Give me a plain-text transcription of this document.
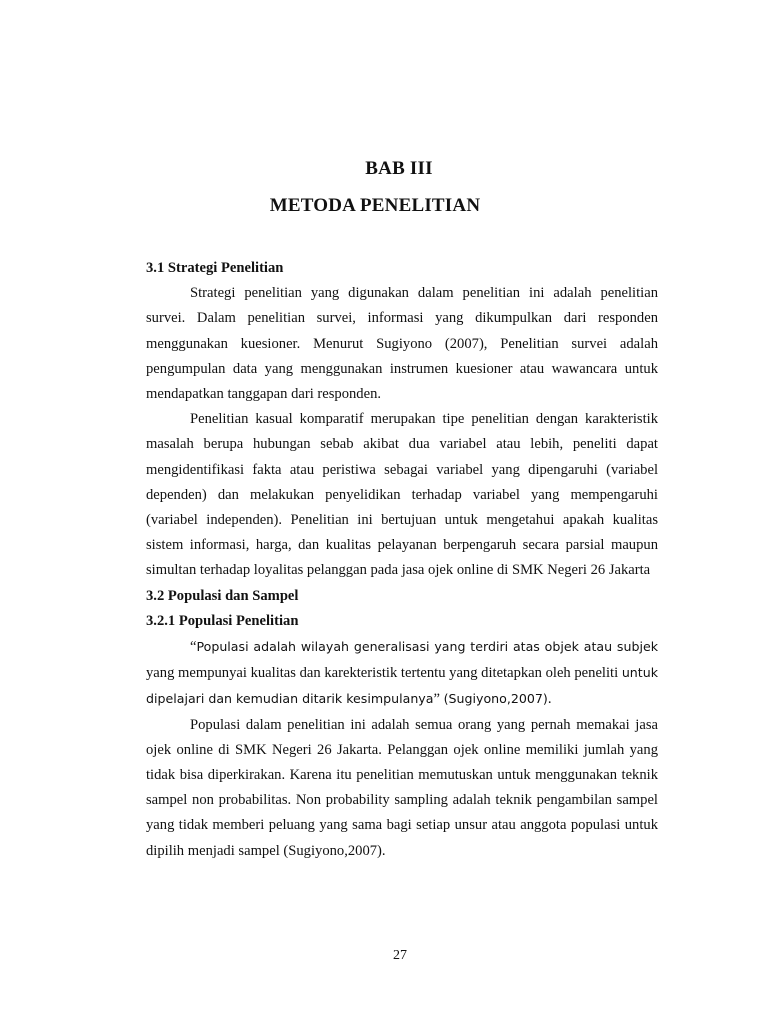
BAB III
METODA PENELITIAN

3.1 Strategi Penelitian

Strategi penelitian yang digunakan dalam penelitian ini adalah penelitian survei. Dalam penelitian survei, informasi yang dikumpulkan dari responden menggunakan kuesioner. Menurut Sugiyono (2007), Penelitian survei adalah pengumpulan data yang menggunakan instrumen kuesioner atau wawancara untuk mendapatkan tanggapan dari responden.

Penelitian kasual komparatif merupakan tipe penelitian dengan karakteristik masalah berupa hubungan sebab akibat dua variabel atau lebih, peneliti dapat mengidentifikasi fakta atau peristiwa sebagai variabel yang dipengaruhi (variabel dependen) dan melakukan penyelidikan terhadap variabel yang mempengaruhi (variabel independen). Penelitian ini bertujuan untuk mengetahui apakah kualitas sistem informasi, harga, dan kualitas pelayanan berpengaruh secara parsial maupun simultan terhadap loyalitas pelanggan pada jasa ojek online di SMK Negeri 26 Jakarta

3.2 Populasi dan Sampel

3.2.1 Populasi Penelitian

“Populasi adalah wilayah generalisasi yang terdiri atas objek atau subjek yang mempunyai kualitas dan karekteristik tertentu yang ditetapkan oleh peneliti untuk dipelajari dan kemudian ditarik kesimpulanya” (Sugiyono,2007).

Populasi dalam penelitian ini adalah semua orang yang pernah memakai jasa ojek online di SMK Negeri 26 Jakarta. Pelanggan ojek online memiliki jumlah yang tidak bisa diperkirakan. Karena itu penelitian memutuskan untuk menggunakan teknik sampel non probabilitas. Non probability sampling adalah teknik pengambilan sampel yang tidak memberi peluang yang sama bagi setiap unsur atau anggota populasi untuk dipilih menjadi sampel (Sugiyono,2007).

27
